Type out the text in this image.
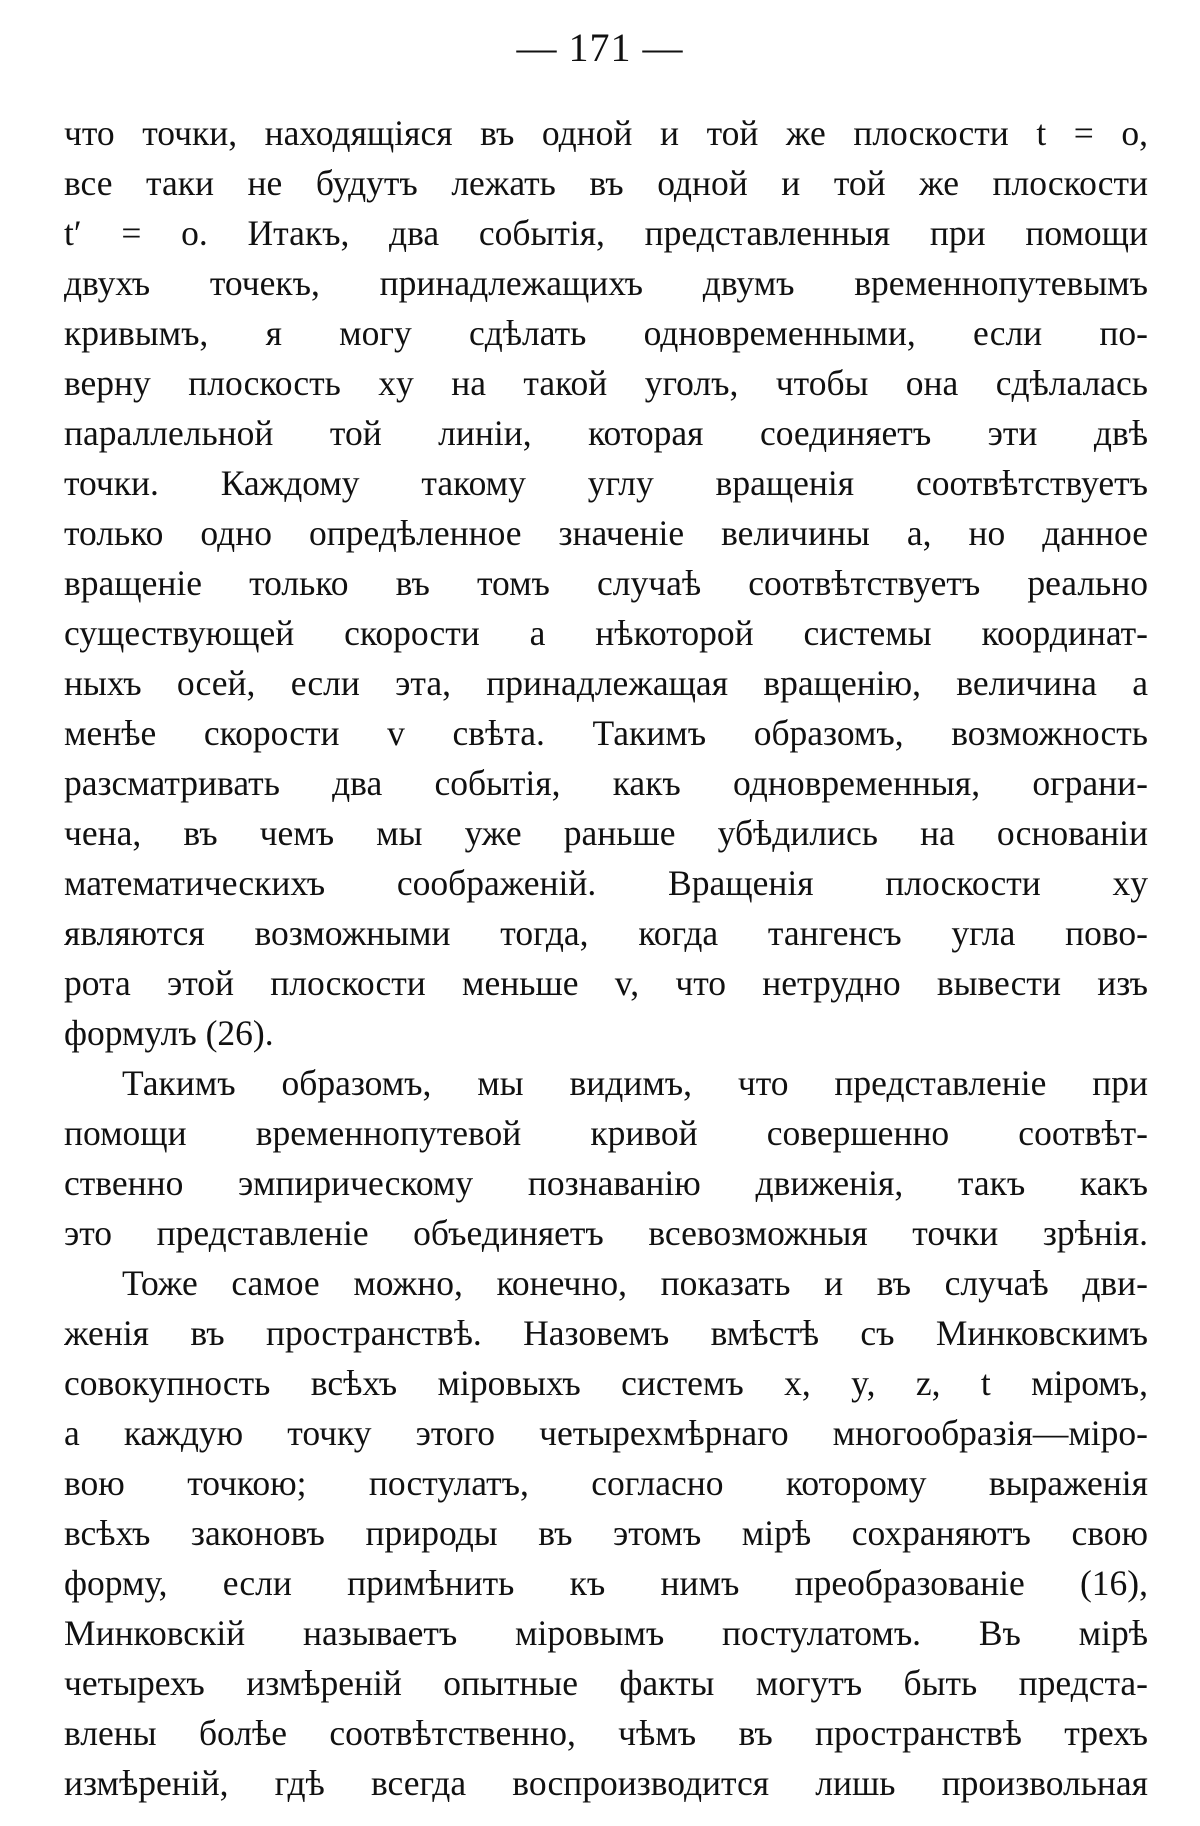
— 171 —
что точки, находящіяся въ одной и той же плоскости t = o,
все таки не будутъ лежать въ одной и той же плоскости
t′ = o. Итакъ, два событія, представленныя при помощи
двухъ точекъ, принадлежащихъ двумъ временнопутевымъ
кривымъ, я могу сдѣлать одновременными, если по-
верну плоскость xy на такой уголъ, чтобы она сдѣлалась
параллельной той линіи, которая соединяетъ эти двѣ
точки. Каждому такому углу вращенія соотвѣтствуетъ
только одно опредѣленное значеніе величины a, но данное
вращеніе только въ томъ случаѣ соотвѣтствуетъ реально
существующей скорости a нѣкоторой системы координат-
ныхъ осей, если эта, принадлежащая вращенію, величина a
менѣе скорости v свѣта. Такимъ образомъ, возможность
разсматривать два событія, какъ одновременныя, ограни-
чена, въ чемъ мы уже раньше убѣдились на основаніи
математическихъ соображеній. Вращенія плоскости xy
являются возможными тогда, когда тангенсъ угла пово-
рота этой плоскости меньше v, что нетрудно вывести изъ
формулъ (26).
Такимъ образомъ, мы видимъ, что представленіе при
помощи временнопутевой кривой совершенно соотвѣт-
ственно эмпирическому познаванію движенія, такъ какъ
это представленіе объединяетъ всевозможныя точки зрѣнія.
Тоже самое можно, конечно, показать и въ случаѣ дви-
женія въ пространствѣ. Назовемъ вмѣстѣ съ Минковскимъ
совокупность всѣхъ міровыхъ системъ x, y, z, t міромъ,
а каждую точку этого четырехмѣрнаго многообразія—міро-
вою точкою; постулатъ, согласно которому выраженія
всѣхъ законовъ природы въ этомъ мірѣ сохраняютъ свою
форму, если примѣнить къ нимъ преобразованіе (16),
Минковскій называетъ міровымъ постулатомъ. Въ мірѣ
четырехъ измѣреній опытные факты могутъ быть предста-
влены болѣе соотвѣтственно, чѣмъ въ пространствѣ трехъ
измѣреній, гдѣ всегда воспроизводится лишь произвольная
